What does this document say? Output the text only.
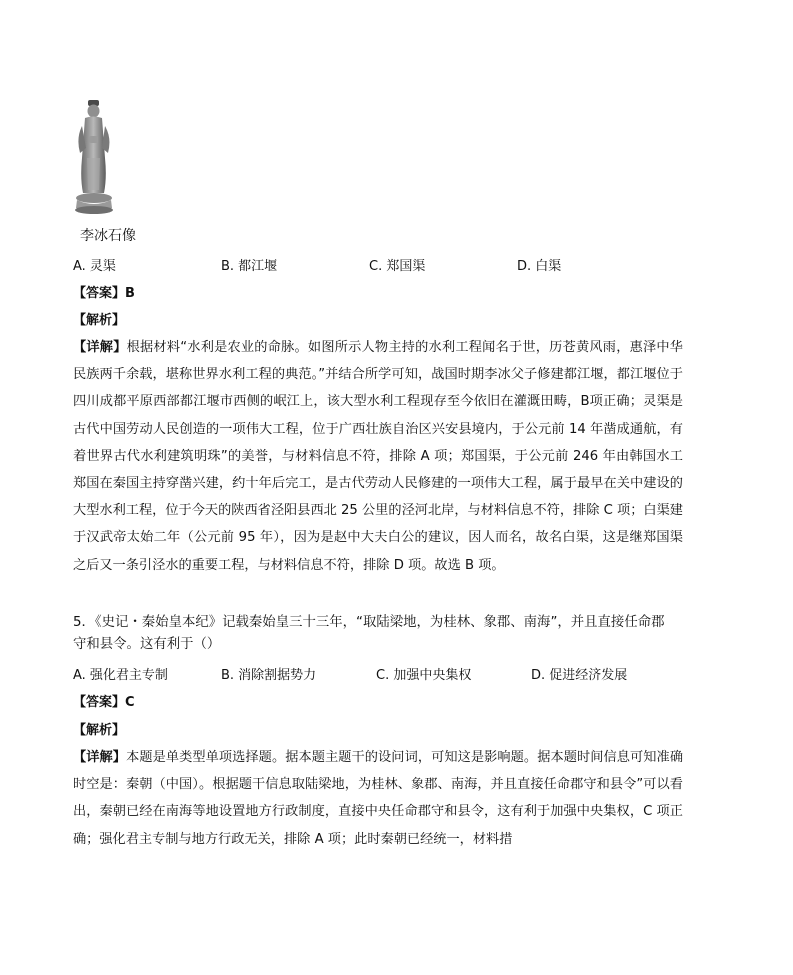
李冰石像
A. 灵渠	B. 都江堰	C. 郑国渠	D. 白渠
【答案】B
【解析】
【详解】根据材料“水利是农业的命脉。如图所示人物主持的水利工程闻名于世，历苍黄风雨，惠泽中华民族两千余载，堪称世界水利工程的典范。”并结合所学可知，战国时期李冰父子修建都江堰，都江堰位于四川成都平原西部都江堰市西侧的岷江上，该大型水利工程现存至今依旧在灌溉田畴，B项正确；灵渠是古代中国劳动人民创造的一项伟大工程，位于广西壮族自治区兴安县境内，于公元前 14 年凿成通航，有着世界古代水利建筑明珠”的美誉，与材料信息不符，排除 A 项；郑国渠，于公元前 246 年由韩国水工郑国在秦国主持穿凿兴建，约十年后完工，是古代劳动人民修建的一项伟大工程，属于最早在关中建设的大型水利工程，位于今天的陕西省泾阳县西北 25 公里的泾河北岸，与材料信息不符，排除 C 项；白渠建于汉武帝太始二年（公元前 95 年），因为是赵中大夫白公的建议，因人而名，故名白渠，这是继郑国渠之后又一条引泾水的重要工程，与材料信息不符，排除 D 项。故选 B 项。
5．《史记・秦始皇本纪》记载秦始皇三十三年，“取陆梁地，为桂林、象郡、南海”，并且直接任命郡守和县令。这有利于（）
A. 强化君主专制	B. 消除割据势力	C. 加强中央集权	D. 促进经济发展
【答案】C
【解析】
【详解】本题是单类型单项选择题。据本题主题干的设问词，可知这是影响题。据本题时间信息可知准确时空是：秦朝（中国）。根据题干信息取陆梁地，为桂林、象郡、南海，并且直接任命郡守和县令”可以看出，秦朝已经在南海等地设置地方行政制度，直接中央任命郡守和县令，这有利于加强中央集权，C 项正确；强化君主专制与地方行政无关，排除 A 项；此时秦朝已经统一，材料措
